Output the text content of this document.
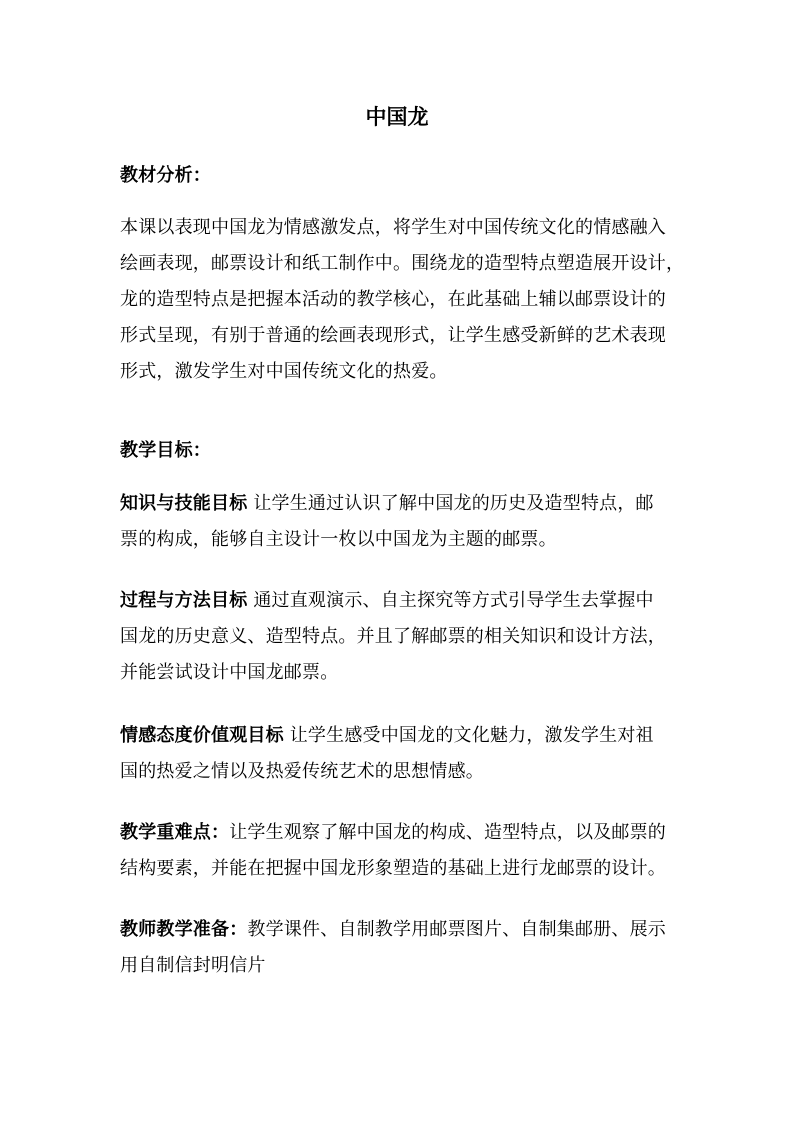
中国龙
教材分析：
本课以表现中国龙为情感激发点，将学生对中国传统文化的情感融入
绘画表现，邮票设计和纸工制作中。围绕龙的造型特点塑造展开设计，
龙的造型特点是把握本活动的教学核心，在此基础上辅以邮票设计的
形式呈现，有别于普通的绘画表现形式，让学生感受新鲜的艺术表现
形式，激发学生对中国传统文化的热爱。
教学目标：
知识与技能目标 让学生通过认识了解中国龙的历史及造型特点，邮
票的构成，能够自主设计一枚以中国龙为主题的邮票。
过程与方法目标 通过直观演示、自主探究等方式引导学生去掌握中
国龙的历史意义、造型特点。并且了解邮票的相关知识和设计方法，
并能尝试设计中国龙邮票。
情感态度价值观目标 让学生感受中国龙的文化魅力，激发学生对祖
国的热爱之情以及热爱传统艺术的思想情感。
教学重难点：让学生观察了解中国龙的构成、造型特点，以及邮票的
结构要素，并能在把握中国龙形象塑造的基础上进行龙邮票的设计。
教师教学准备：教学课件、自制教学用邮票图片、自制集邮册、展示
用自制信封明信片
